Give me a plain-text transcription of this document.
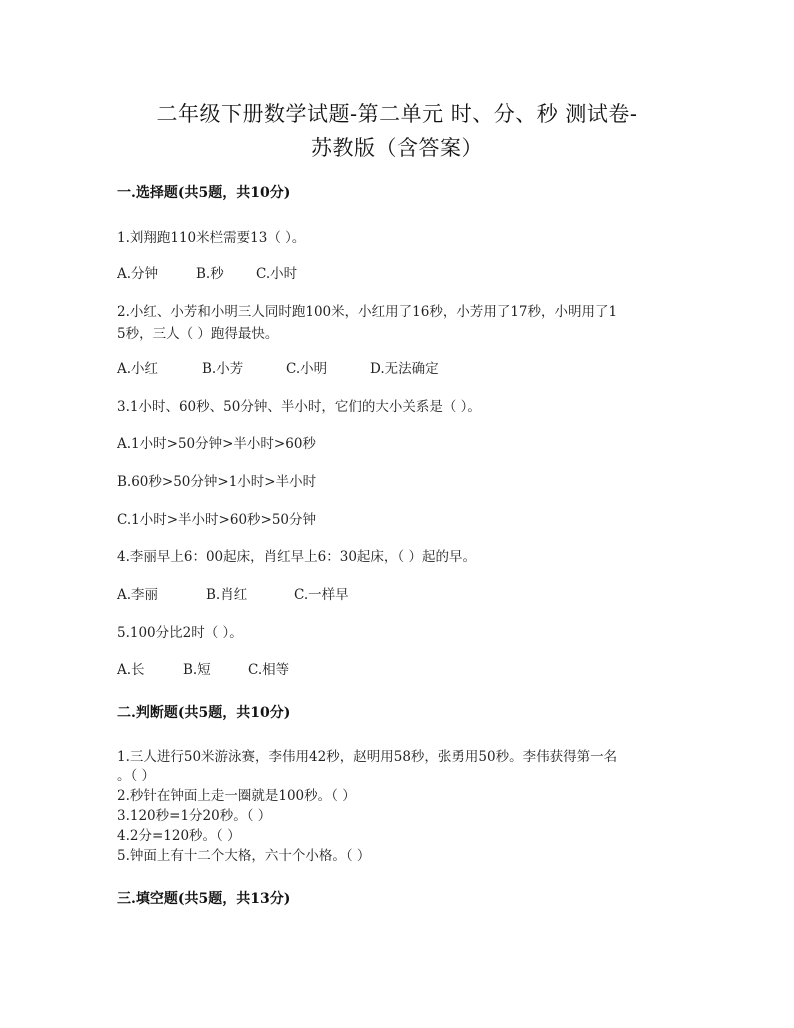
二年级下册数学试题-第二单元 时、分、秒 测试卷-
苏教版（含答案）
一.选择题(共5题，共10分)
1.刘翔跑110米栏需要13（ ）。
A.分钟	B.秒 C.小时
2.小红、小芳和小明三人同时跑100米，小红用了16秒，小芳用了17秒，小明用了1
5秒，三人（ ）跑得最快。
A.小红	B.小芳	C.小明	D.无法确定
3.1小时、60秒、50分钟、半小时，它们的大小关系是（ ）。
A.1小时>50分钟>半小时>60秒
B.60秒>50分钟>1小时>半小时
C.1小时>半小时>60秒>50分钟
4.李丽早上6：00起床，肖红早上6：30起床，（ ）起的早。
A.李丽	B.肖红	C.一样早
5.100分比2时（ ）。
A.长	B.短	C.相等
二.判断题(共5题，共10分)
1.三人进行50米游泳赛，李伟用42秒，赵明用58秒，张勇用50秒。李伟获得第一名
。（ ）
2.秒针在钟面上走一圈就是100秒。（ ）
3.120秒=1分20秒。（ ）
4.2分=120秒。（ ）
5.钟面上有十二个大格，六十个小格。（ ）
三.填空题(共5题，共13分)
